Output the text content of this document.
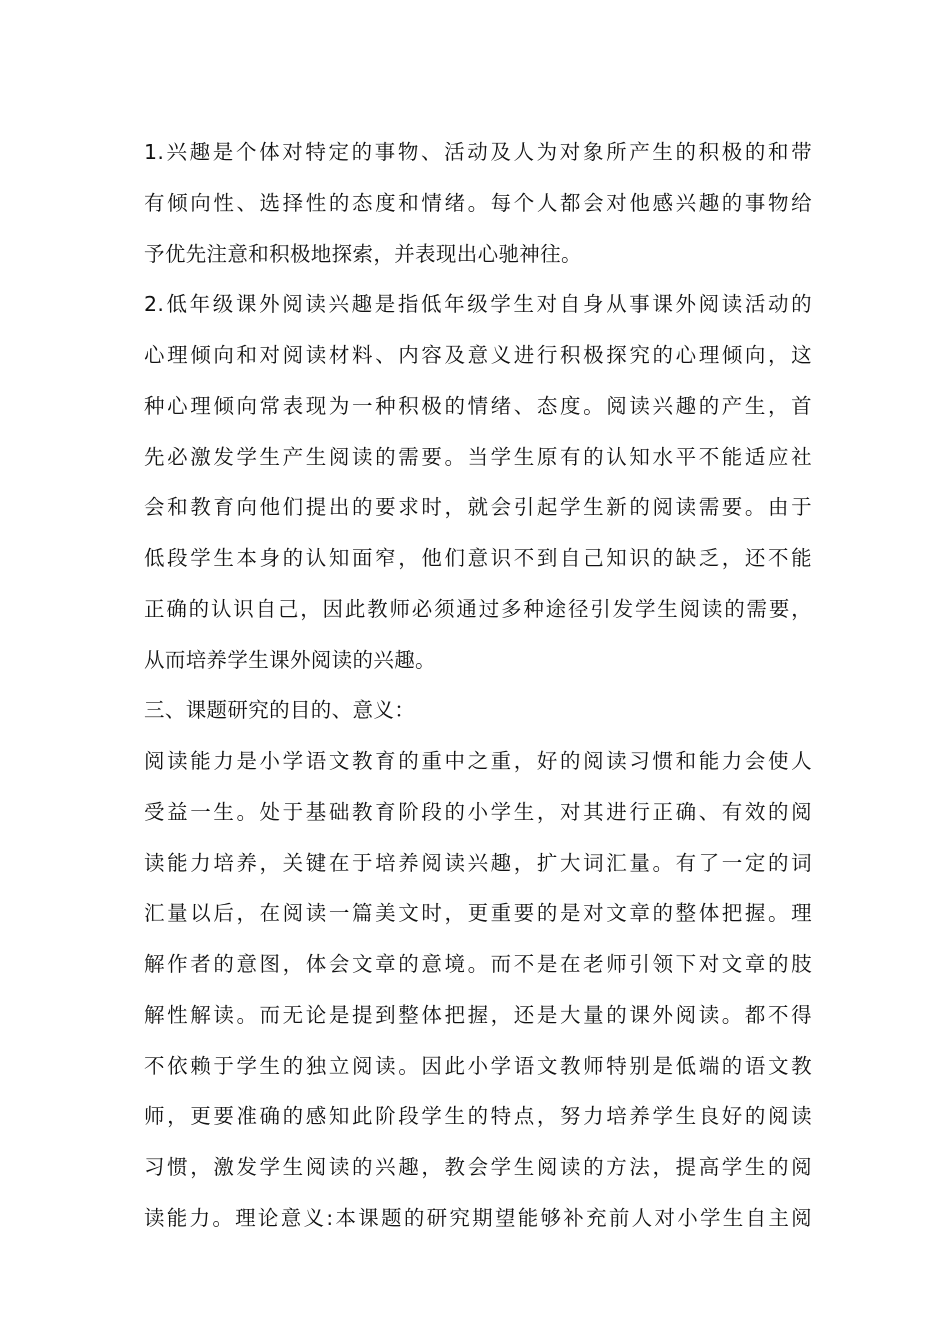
1.兴趣是个体对特定的事物、活动及人为对象所产生的积极的和带
有倾向性、选择性的态度和情绪。每个人都会对他感兴趣的事物给
予优先注意和积极地探索，并表现出心驰神往。
2.低年级课外阅读兴趣是指低年级学生对自身从事课外阅读活动的
心理倾向和对阅读材料、内容及意义进行积极探究的心理倾向，这
种心理倾向常表现为一种积极的情绪、态度。阅读兴趣的产生，首
先必激发学生产生阅读的需要。当学生原有的认知水平不能适应社
会和教育向他们提出的要求时，就会引起学生新的阅读需要。由于
低段学生本身的认知面窄，他们意识不到自己知识的缺乏，还不能
正确的认识自己，因此教师必须通过多种途径引发学生阅读的需要，
从而培养学生课外阅读的兴趣。
三、课题研究的目的、意义：
阅读能力是小学语文教育的重中之重，好的阅读习惯和能力会使人
受益一生。处于基础教育阶段的小学生，对其进行正确、有效的阅
读能力培养，关键在于培养阅读兴趣，扩大词汇量。有了一定的词
汇量以后，在阅读一篇美文时，更重要的是对文章的整体把握。理
解作者的意图，体会文章的意境。而不是在老师引领下对文章的肢
解性解读。而无论是提到整体把握，还是大量的课外阅读。都不得
不依赖于学生的独立阅读。因此小学语文教师特别是低端的语文教
师，更要准确的感知此阶段学生的特点，努力培养学生良好的阅读
习惯，激发学生阅读的兴趣，教会学生阅读的方法，提高学生的阅
读能力。理论意义:本课题的研究期望能够补充前人对小学生自主阅
